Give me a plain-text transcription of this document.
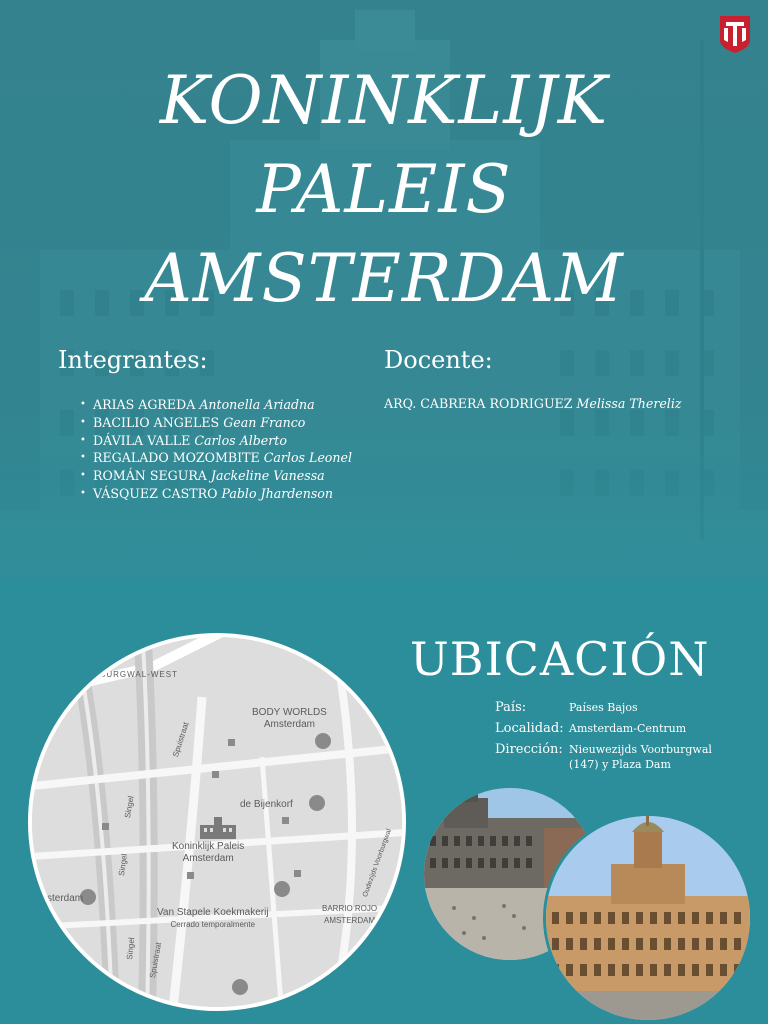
KONINKLIJK
PALEIS
AMSTERDAM
Integrantes:
• ARIAS AGREDA Antonella Ariadna
• BACILIO ANGELES Gean Franco
• DÁVILA VALLE Carlos Alberto
• REGALADO MOZOMBITE Carlos Leonel
• ROMÁN SEGURA Jackeline Vanessa
• VÁSQUEZ CASTRO Pablo Jhardenson
Docente:
ARQ. CABRERA RODRIGUEZ Melissa Thereliz
BURGWAL-WEST
BODY WORLDS
Amsterdam
de Bijenkorf
Koninklijk Paleis
Amsterdam
Van Stapele Koekmakerij
Cerrado temporalmente
BARRIO ROJO
AMSTERDAM
Amsterdam
Spuistraat
Spuistraat
Singel
Singel
Singel
Oudezijds Voorburgwal
UBICACIÓN
País:	Países Bajos
Localidad: Amsterdam-Centrum
Dirección: Nieuwezijds Voorburgwal (147) y Plaza Dam
